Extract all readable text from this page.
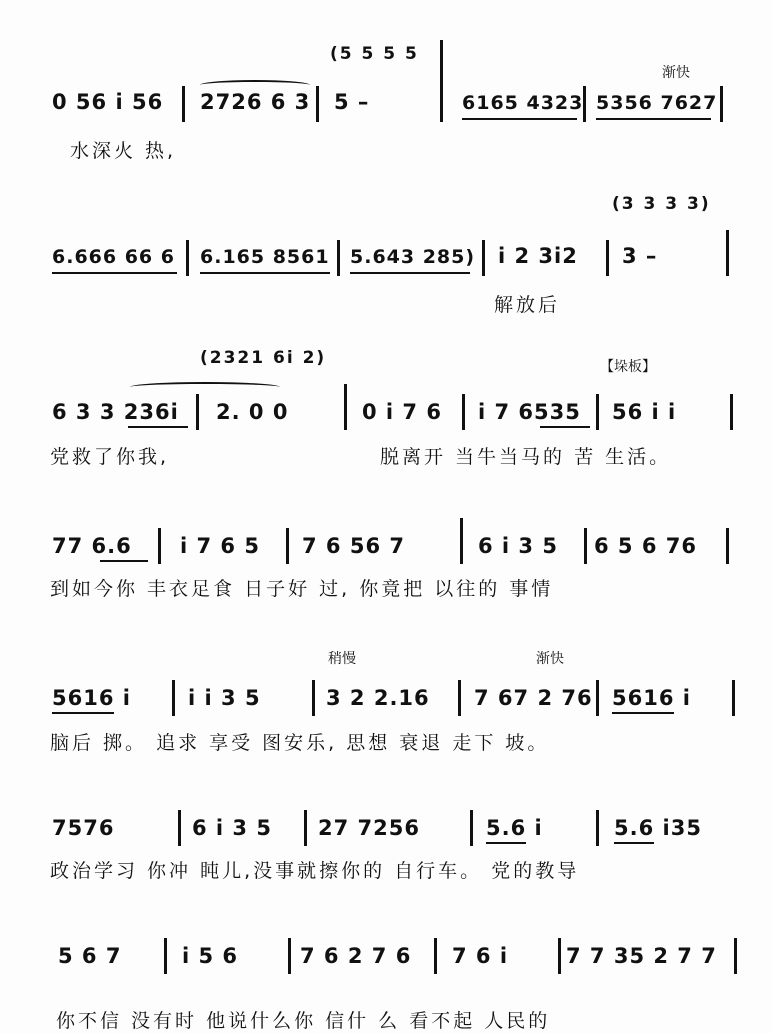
(5 5 5 5
渐快
0 56 i 56 2726 6 3 5 –	6165 4323 5356 7627
水深火 热,
(3 3 3 3)
6.666 66 6 6.165 8561 5.643 285) i 2 3i2 3 –
解放后
(2321 6i 2)	【垛板】
6 3 3 236i 2. 0 0	0 i 7 6 i 7 6535 56 i i
党救了你我,	脱离开 当牛当马的 苦 生活。
77 6.6 i 7 6 5 7 6 56 7	6 i 3 5 6 5 6 76
到如今你 丰衣足食 日子好 过, 你竟把 以往的 事情
稍慢	渐快
5616 i	i i 3 5	3 2 2.16 7 67 2 76 5616 i
脑后 掷。 追求 享受 图安乐, 思想 衰退 走下 坡。
7576	6 i 3 5 27 7256	5.6 i	5.6 i35
政治学习 你冲 盹儿,没事就擦你的 自行车。 党的教导
5 6 7	i 5 6	7 6 2 7 6 7 6 i	7 7 35 2 7 7
你不信 没有时 他说什么你 信什 么 看不起 人民的
